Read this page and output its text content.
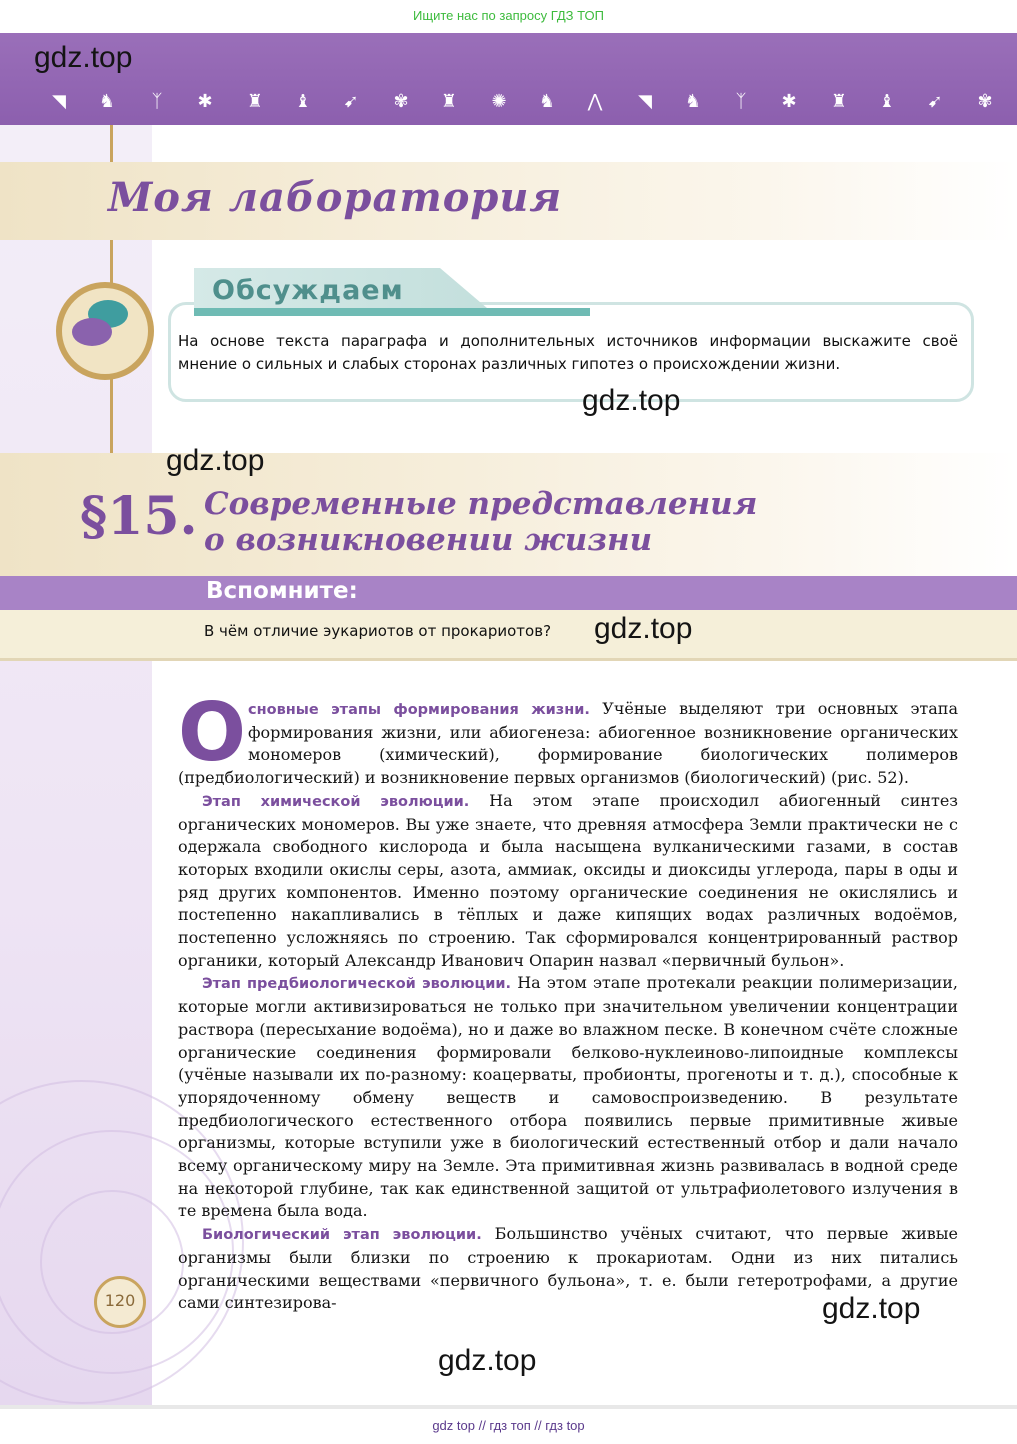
Ищите нас по запросу ГДЗ ТОП
gdz.top
◥	♞	ᛉ	✱	♜	♝	➹	✾	♜	✺	♞	⋀	◥	♞	ᛉ	✱	♜	♝	➹	✾
Моя лаборатория
Обсуждаем
На основе текста параграфа и дополнительных источников информации выскажите своё мнение о сильных и слабых сторонах различных гипотез о происхождении жизни.
gdz.top
gdz.top
§15. Современные представления
о возникновении жизни
Вспомните:
В чём отличие эукариотов от прокариотов? gdz.top

Основные этапы формирования жизни. Учёные выделяют три основных этапа формирования жизни, или абиогенеза: абиогенное возникновение органических мономеров (химический), формирование биологических полимеров (предбиологический) и возникновение первых организмов (биологический) (рис. 52).

Этап химической эволюции. На этом этапе происходил абиогенный синтез органических мономеров. Вы уже знаете, что древняя атмосфера Земли практически не с одержала свободного кислорода и была насыщена вулканическими газами, в состав которых входили окислы серы, азота, аммиак, оксиды и диоксиды углерода, пары в оды и ряд других компонентов. Именно поэтому органические соединения не окислялись и постепенно накапливались в тёплых и даже кипящих водах различных водоёмов, постепенно усложняясь по строению. Так сформировался концентрированный раствор органики, который Александр Иванович Опарин назвал «первичный бульон».

Этап предбиологической эволюции. На этом этапе протекали реакции полимеризации, которые могли активизироваться не только при значительном увеличении концентрации раствора (пересыхание водоёма), но и даже во влажном песке. В конечном счёте сложные органические соединения формировали белково-нуклеиново-липоидные комплексы (учёные называли их по-разному: коацерваты, пробионты, прогеноты и т. д.), способные к упорядоченному обмену веществ и самовоспроизведению. В результате предбиологического естественного отбора появились первые примитивные живые организмы, которые вступили уже в биологический естественный отбор и дали начало всему органическому миру на Земле. Эта примитивная жизнь развивалась в водной среде на некоторой глубине, так как единственной защитой от ультрафиолетового излучения в те времена была вода.

Биологический этап эволюции. Большинство учёных считают, что первые живые организмы были близки по строению к прокариотам. Одни из них питались органическими веществами «первичного бульона», т. е. были гетеротрофами, а другие сами синтезирова-

120	gdz.top
gdz.top
gdz top // гдз топ // гдз top
